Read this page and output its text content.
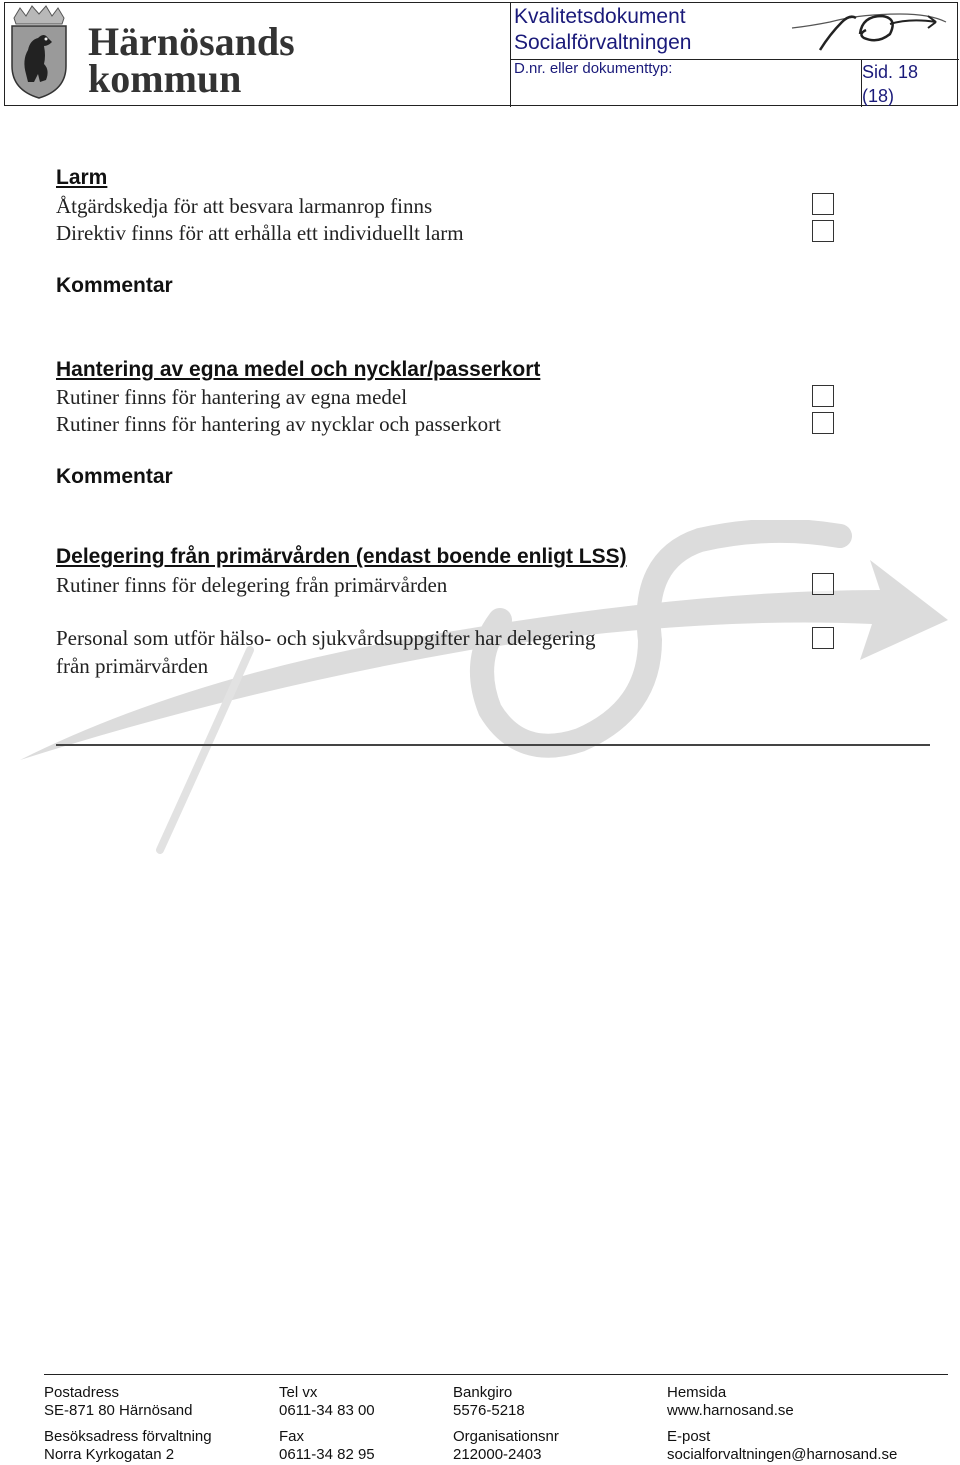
Härnösands
kommun
Kvalitetsdokument
Socialförvaltningen
D.nr. eller dokumenttyp:	Sid. 18
(18)
Larm
Åtgärdskedja för att besvara larmanrop finns
Direktiv finns för att erhålla ett individuellt larm
Kommentar
Hantering av egna medel och nycklar/passerkort
Rutiner finns för hantering av egna medel
Rutiner finns för hantering av nycklar och passerkort
Kommentar
Delegering från primärvården (endast boende enligt LSS)
Rutiner finns för delegering från primärvården
Personal som utför hälso- och sjukvårdsuppgifter har delegering
från primärvården
Postadress
SE-871 80 Härnösand
Besöksadress förvaltning
Norra Kyrkogatan 2
Tel vx
0611-34 83 00
Fax
0611-34 82 95
Bankgiro
5576-5218
Organisationsnr
212000-2403
Hemsida
www.harnosand.se
E-post
socialforvaltningen@harnosand.se
